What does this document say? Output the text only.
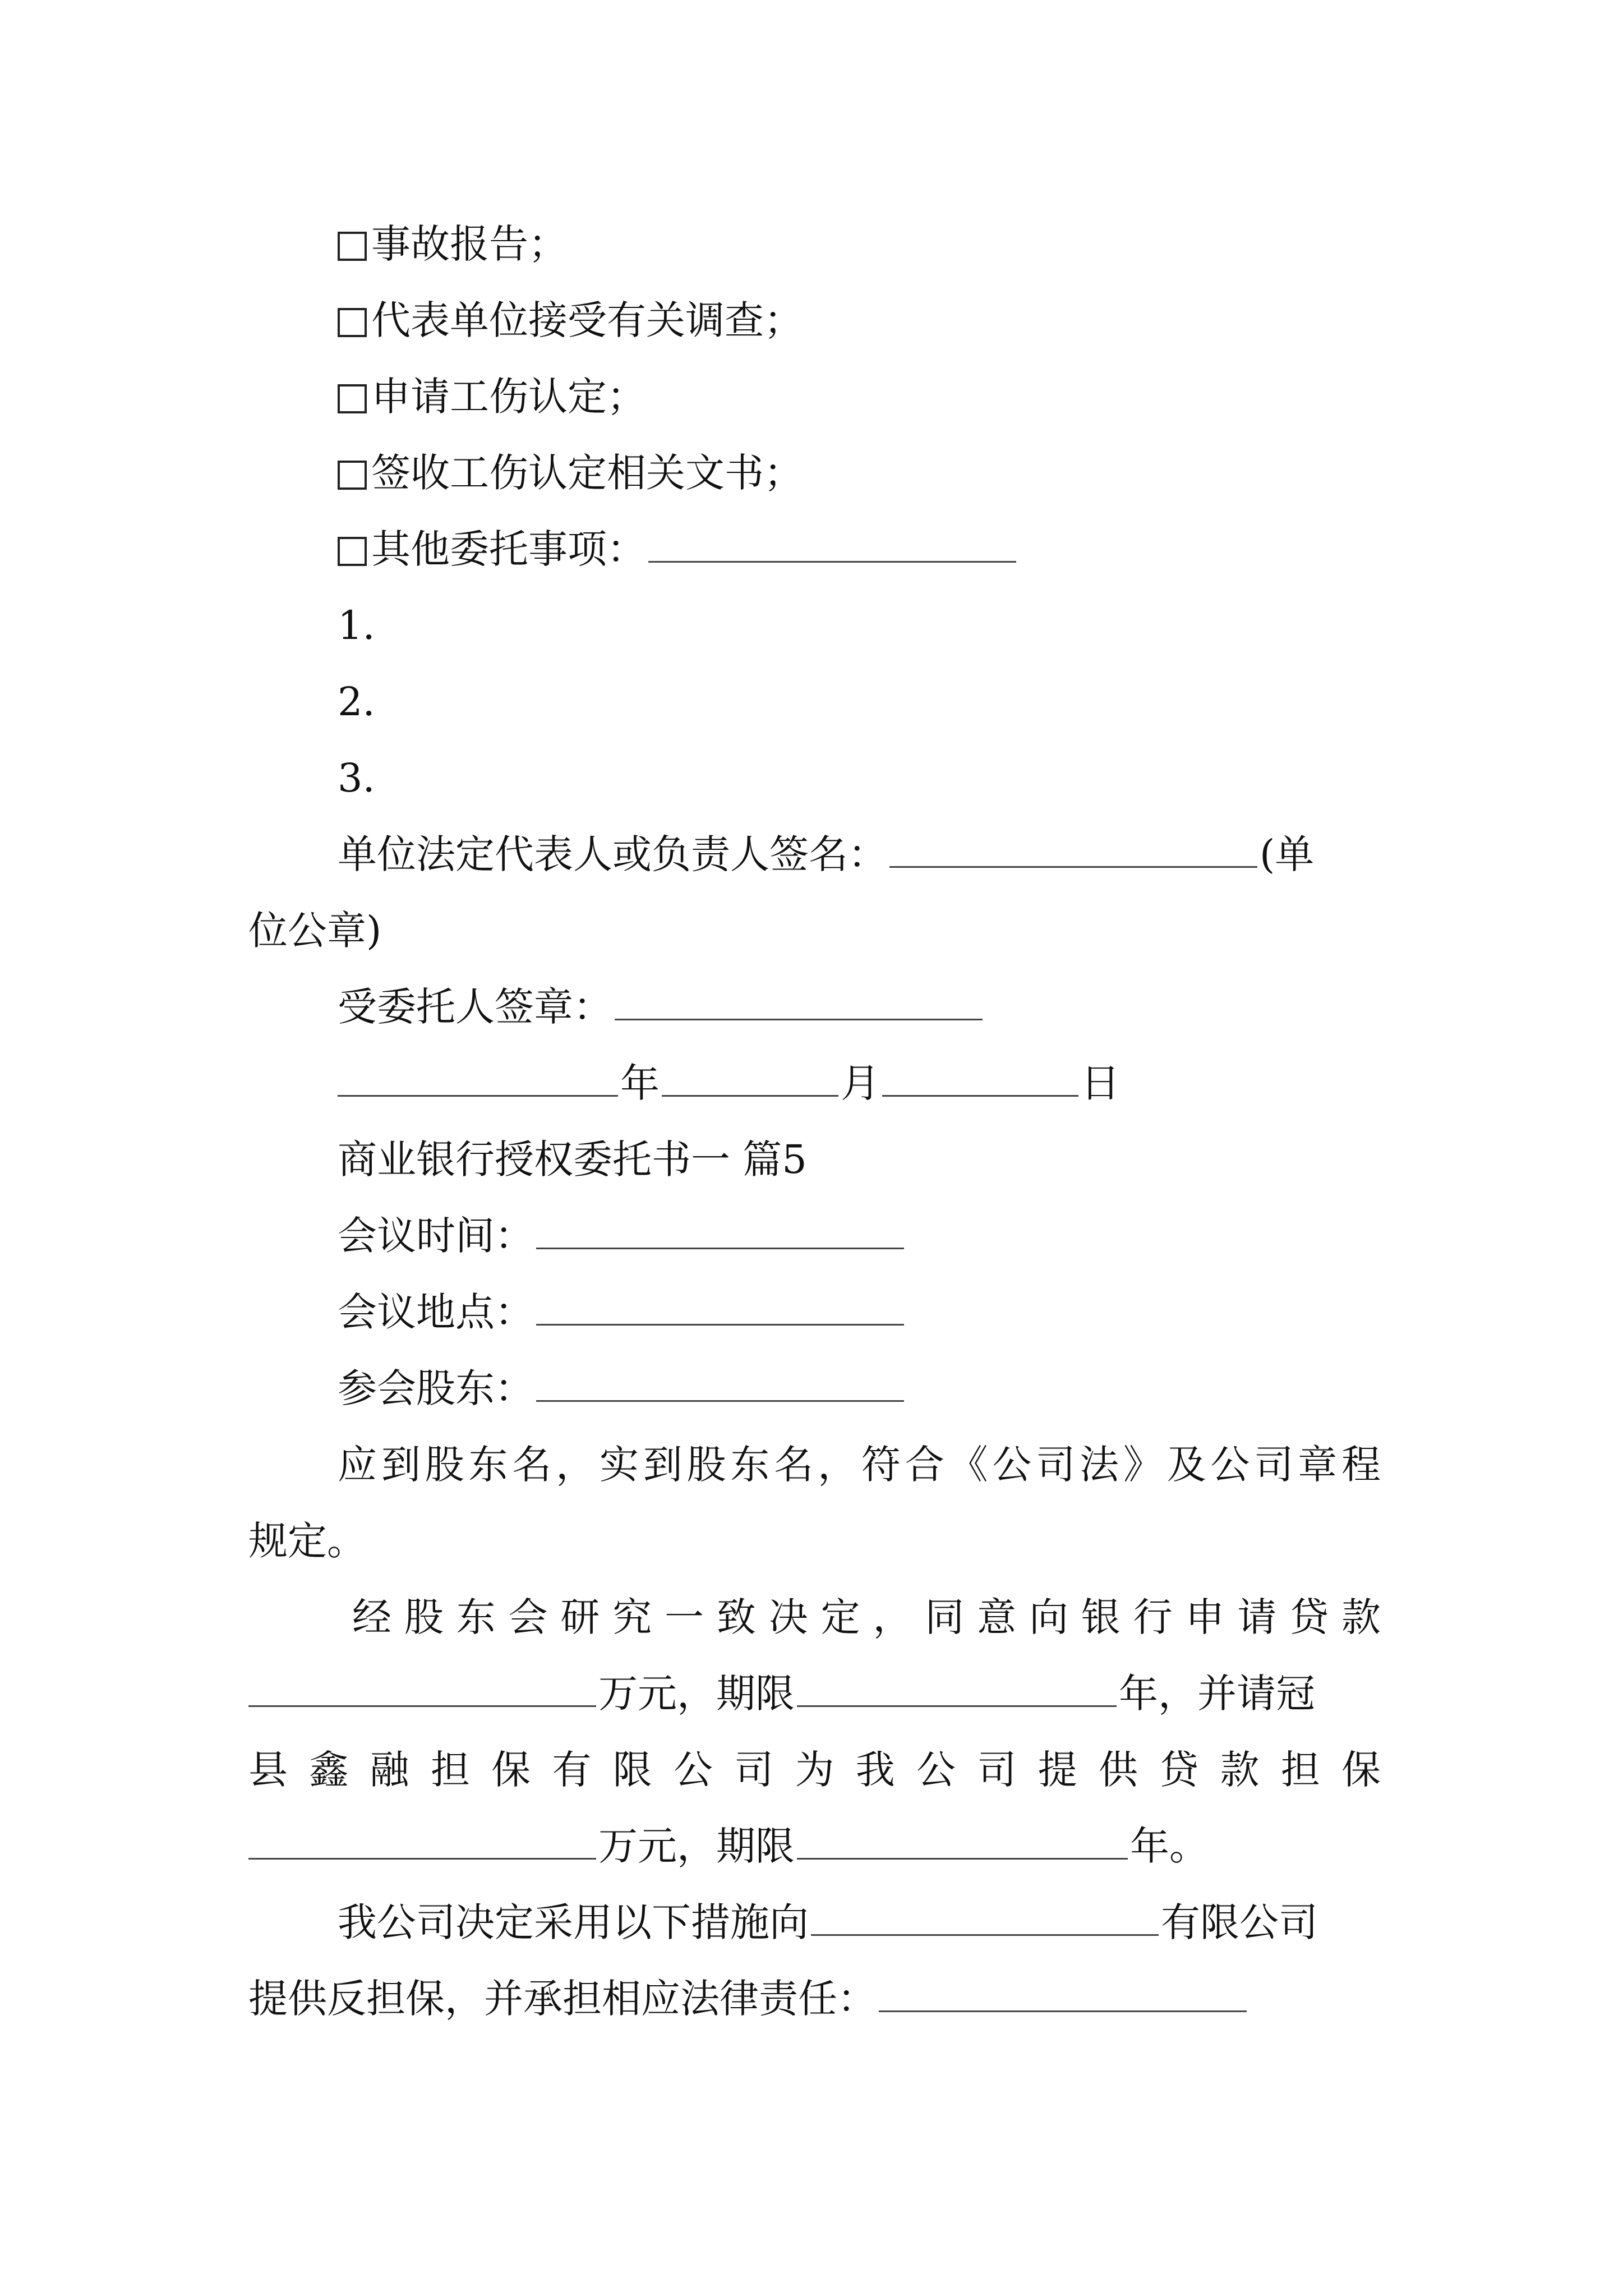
事故报告；
代表单位接受有关调查；
申请工伤认定；
签收工伤认定相关文书；
其他委托事项：
1.
2.
3.
单位法定代表人或负责人签名：	(单
位公章)
受委托人签章：
年	月	日
商业银行授权委托书一 篇5
会议时间：
会议地点：
参会股东：
应到股东名，实到股东名，符合《公司法》及公司章程
规定。
经股东会研究一致决定，同意向银行申请贷款
万元，期限	年，并请冠
县鑫融担保有限公司为我公司提供贷款担保
万元，期限	年。
我公司决定采用以下措施向	有限公司
提供反担保，并承担相应法律责任：
